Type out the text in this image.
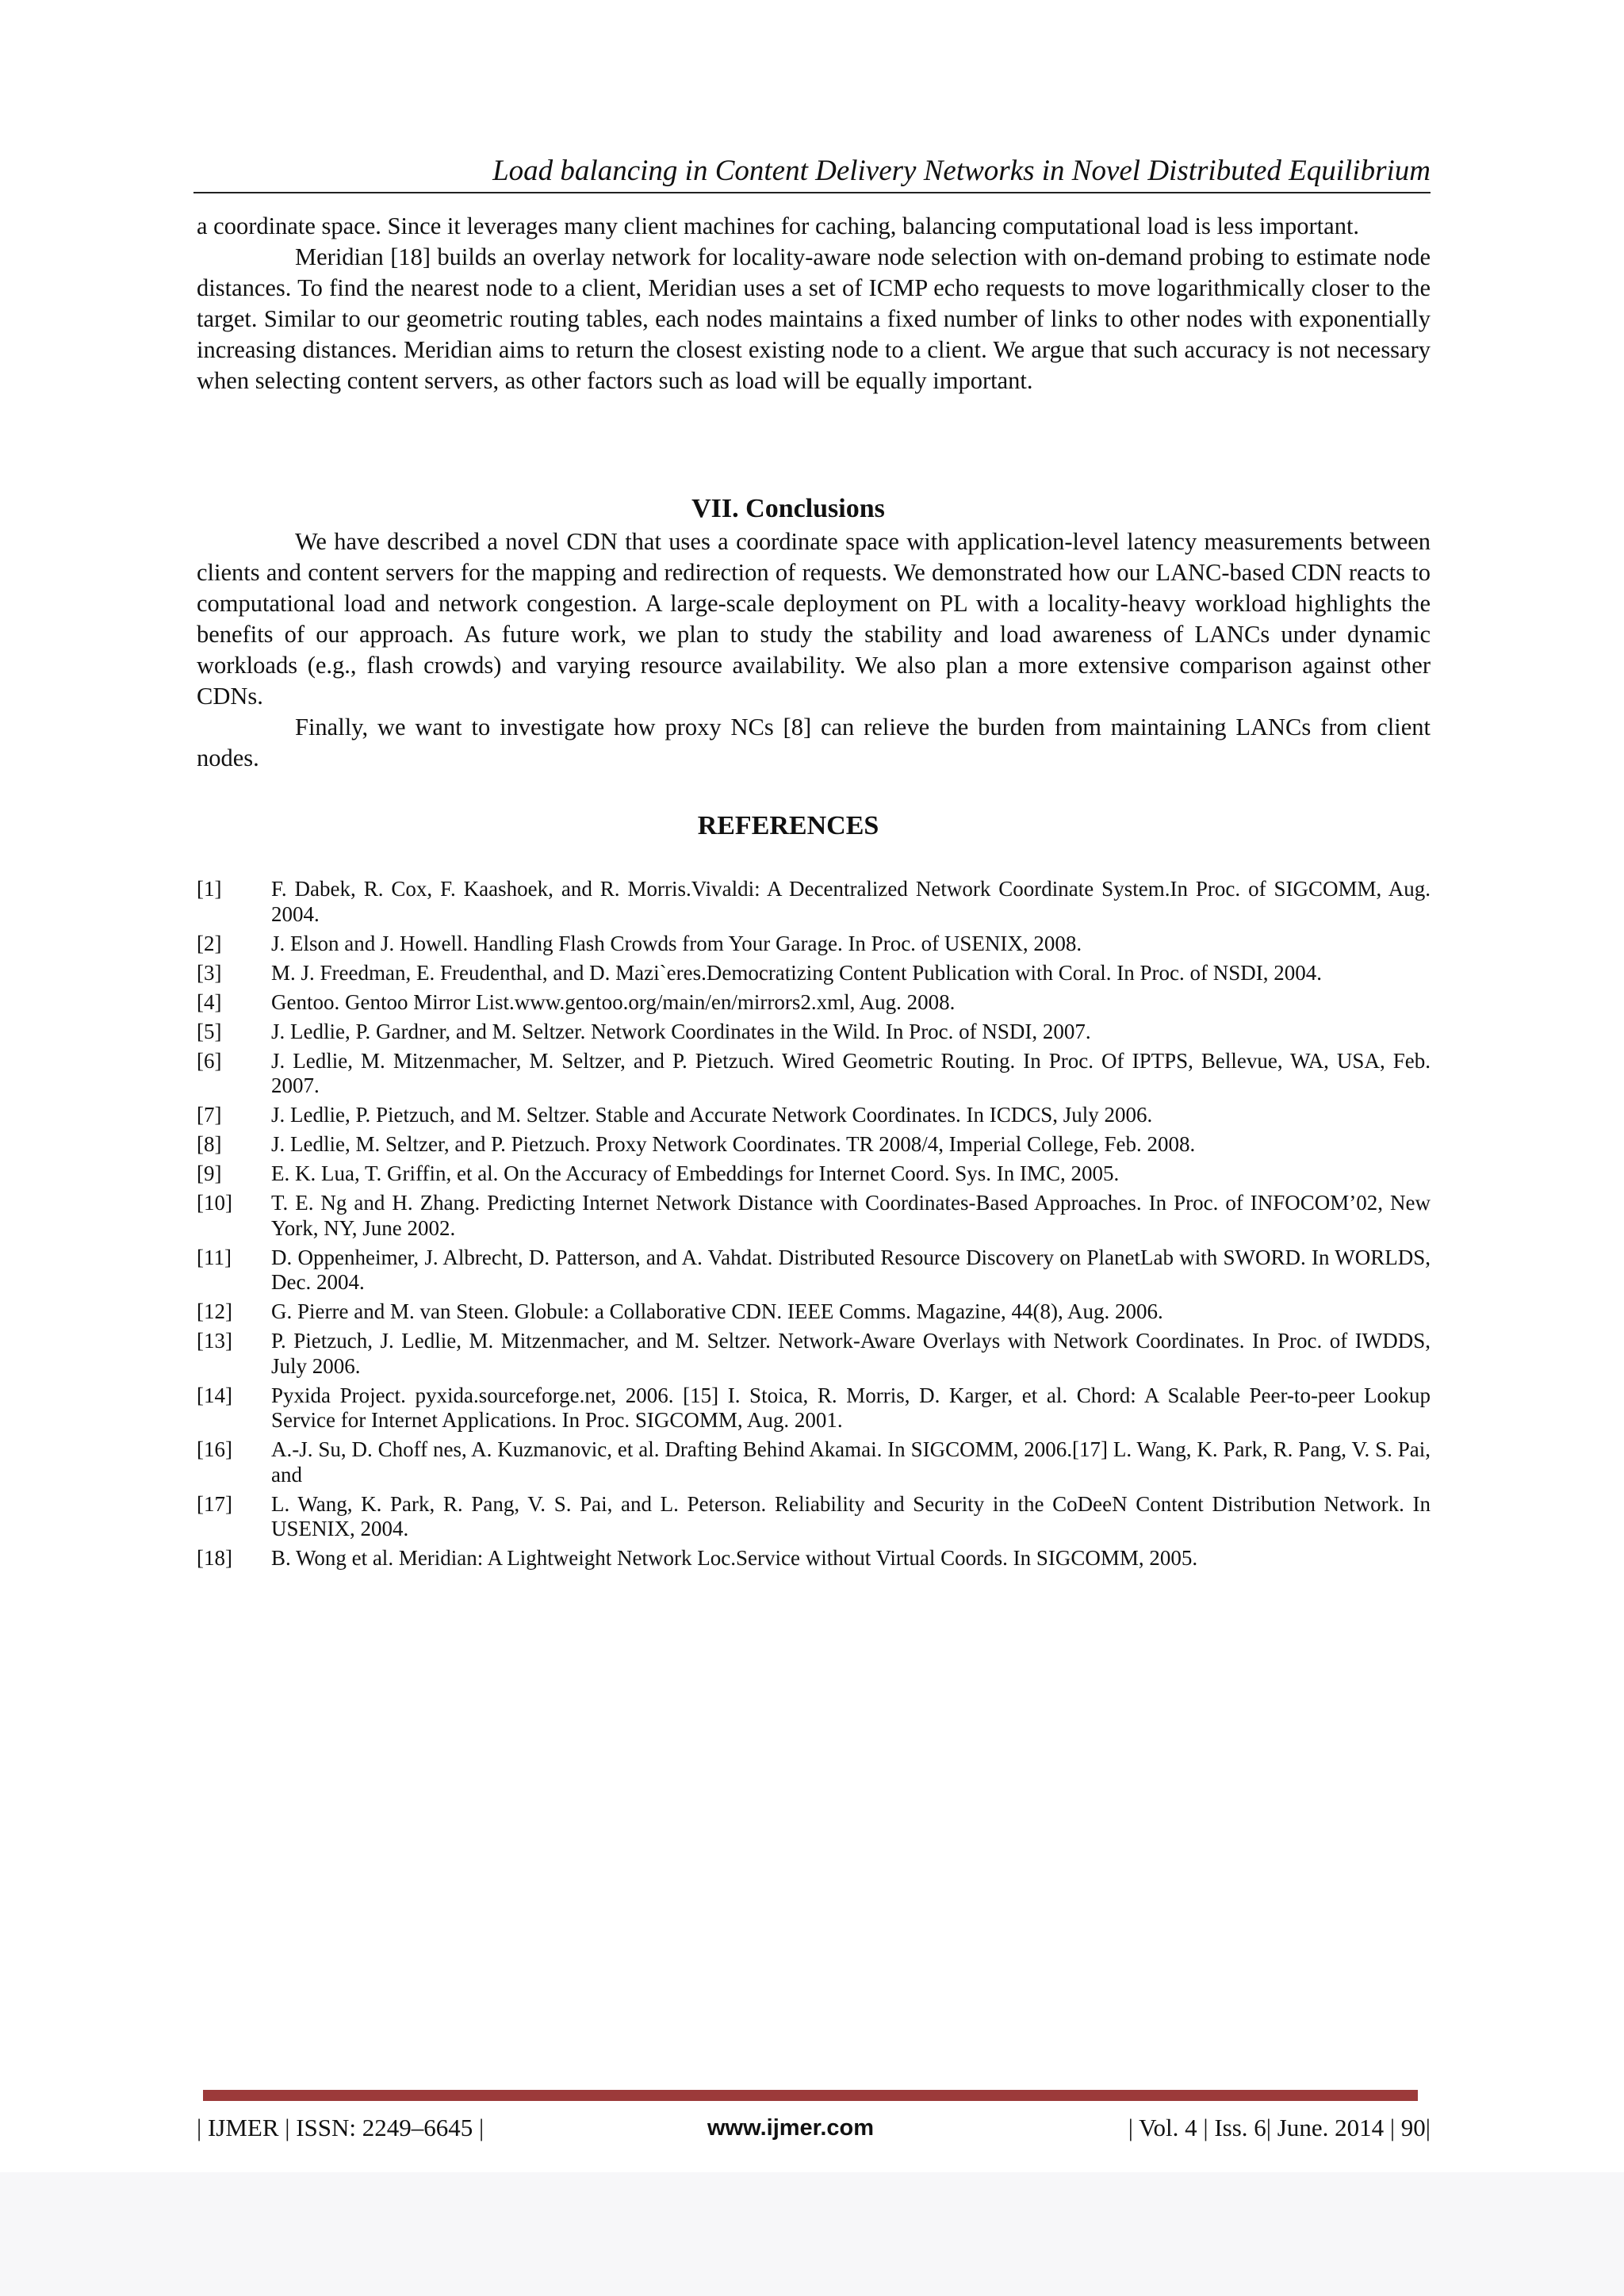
Load balancing in Content Delivery Networks in Novel Distributed Equilibrium

a coordinate space. Since it leverages many client machines for caching, balancing computational load is less important.

Meridian [18] builds an overlay network for locality-aware node selection with on-demand probing to estimate node distances. To find the nearest node to a client, Meridian uses a set of ICMP echo requests to move logarithmically closer to the target. Similar to our geometric routing tables, each nodes maintains a fixed number of links to other nodes with exponentially increasing distances. Meridian aims to return the closest existing node to a client. We argue that such accuracy is not necessary when selecting content servers, as other factors such as load will be equally important.

VII. Conclusions

We have described a novel CDN that uses a coordinate space with application-level latency measurements between clients and content servers for the mapping and redirection of requests. We demonstrated how our LANC-based CDN reacts to computational load and network congestion. A large-scale deployment on PL with a locality-heavy workload highlights the benefits of our approach. As future work, we plan to study the stability and load awareness of LANCs under dynamic workloads (e.g., flash crowds) and varying resource availability. We also plan a more extensive comparison against other CDNs.

Finally, we want to investigate how proxy NCs [8] can relieve the burden from maintaining LANCs from client nodes.

REFERENCES
[1]	F. Dabek, R. Cox, F. Kaashoek, and R. Morris.Vivaldi: A Decentralized Network Coordinate System.In Proc. of SIGCOMM, Aug. 2004.
[2]	J. Elson and J. Howell. Handling Flash Crowds from Your Garage. In Proc. of USENIX, 2008.
[3]	M. J. Freedman, E. Freudenthal, and D. Mazi`eres.Democratizing Content Publication with Coral. In Proc. of NSDI, 2004.
[4]	Gentoo. Gentoo Mirror List.www.gentoo.org/main/en/mirrors2.xml, Aug. 2008.
[5]	J. Ledlie, P. Gardner, and M. Seltzer. Network Coordinates in the Wild. In Proc. of NSDI, 2007.
[6]	J. Ledlie, M. Mitzenmacher, M. Seltzer, and P. Pietzuch. Wired Geometric Routing. In Proc. Of IPTPS, Bellevue, WA, USA, Feb. 2007.
[7]	J. Ledlie, P. Pietzuch, and M. Seltzer. Stable and Accurate Network Coordinates. In ICDCS, July 2006.
[8]	J. Ledlie, M. Seltzer, and P. Pietzuch. Proxy Network Coordinates. TR 2008/4, Imperial College, Feb. 2008.
[9]	E. K. Lua, T. Griffin, et al. On the Accuracy of Embeddings for Internet Coord. Sys. In IMC, 2005.
[10]	T. E. Ng and H. Zhang. Predicting Internet Network Distance with Coordinates-Based Approaches. In Proc. of INFOCOM’02, New York, NY, June 2002.
[11]	D. Oppenheimer, J. Albrecht, D. Patterson, and A. Vahdat. Distributed Resource Discovery on PlanetLab with SWORD. In WORLDS, Dec. 2004.
[12]	G. Pierre and M. van Steen. Globule: a Collaborative CDN. IEEE Comms. Magazine, 44(8), Aug. 2006.
[13]	P. Pietzuch, J. Ledlie, M. Mitzenmacher, and M. Seltzer. Network-Aware Overlays with Network Coordinates. In Proc. of IWDDS, July 2006.
[14]	Pyxida Project. pyxida.sourceforge.net, 2006. [15] I. Stoica, R. Morris, D. Karger, et al. Chord: A Scalable Peer-to-peer Lookup Service for Internet Applications. In Proc. SIGCOMM, Aug. 2001.
[16]	A.-J. Su, D. Choff nes, A. Kuzmanovic, et al. Drafting Behind Akamai. In SIGCOMM, 2006.[17] L. Wang, K. Park, R. Pang, V. S. Pai, and
[17]	L. Wang, K. Park, R. Pang, V. S. Pai, and L. Peterson. Reliability and Security in the CoDeeN Content Distribution Network. In USENIX, 2004.
[18]	B. Wong et al. Meridian: A Lightweight Network Loc.Service without Virtual Coords. In SIGCOMM, 2005.
| IJMER | ISSN: 2249–6645 |	www.ijmer.com	| Vol. 4 | Iss. 6| June. 2014 | 90|
